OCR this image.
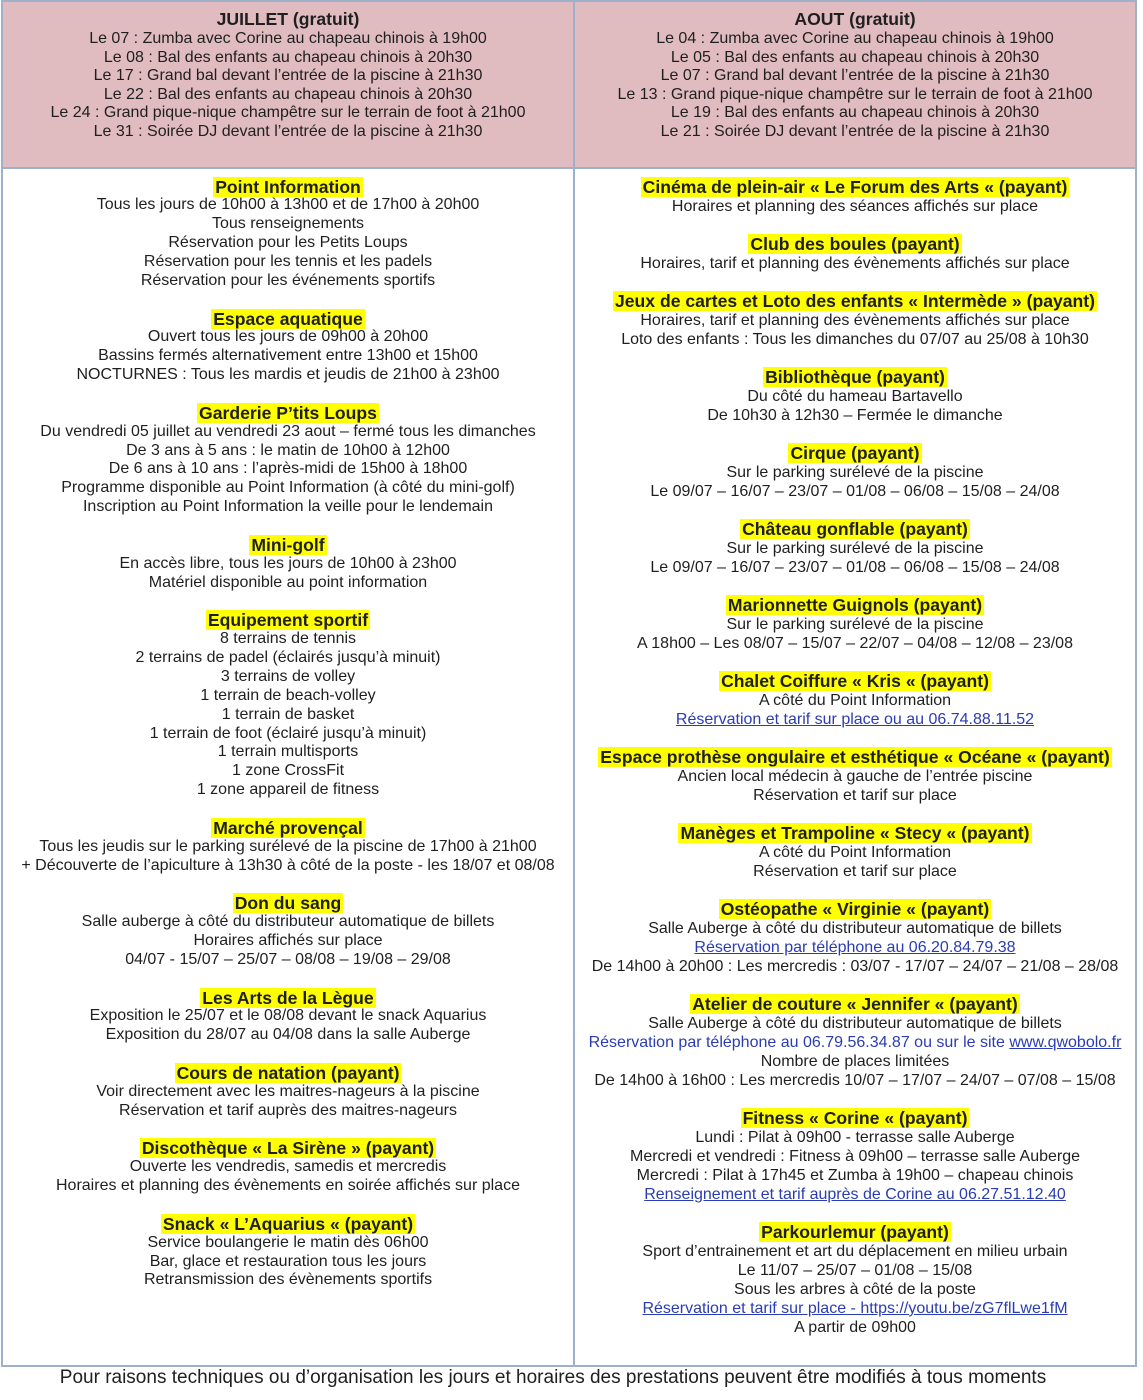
JUILLET (gratuit)
Le 07 : Zumba avec Corine au chapeau chinois à 19h00
Le 08 : Bal des enfants au chapeau chinois à 20h30
Le 17 : Grand bal devant l’entrée de la piscine à 21h30
Le 22 : Bal des enfants au chapeau chinois à 20h30
Le 24 : Grand pique-nique champêtre sur le terrain de foot à 21h00
Le 31 : Soirée DJ devant l’entrée de la piscine à 21h30
AOUT (gratuit)
Le 04 : Zumba avec Corine au chapeau chinois à 19h00
Le 05 : Bal des enfants au chapeau chinois à 20h30
Le 07 : Grand bal devant l’entrée de la piscine à 21h30
Le 13 : Grand pique-nique champêtre sur le terrain de foot à 21h00
Le 19 : Bal des enfants au chapeau chinois à 20h30
Le 21 : Soirée DJ devant l’entrée de la piscine à 21h30
Point Information
Tous les jours de 10h00 à 13h00 et de 17h00 à 20h00
Tous renseignements
Réservation pour les Petits Loups
Réservation pour les tennis et les padels
Réservation pour les événements sportifs
Espace aquatique
Ouvert tous les jours de 09h00 à 20h00
Bassins fermés alternativement entre 13h00 et 15h00
NOCTURNES : Tous les mardis et jeudis de 21h00 à 23h00
Garderie P’tits Loups
Du vendredi 05 juillet au vendredi 23 aout – fermé tous les dimanches
De 3 ans à 5 ans : le matin de 10h00 à 12h00
De 6 ans à 10 ans : l’après-midi de 15h00 à 18h00
Programme disponible au Point Information (à côté du mini-golf)
Inscription au Point Information la veille pour le lendemain
Mini-golf
En accès libre, tous les jours de 10h00 à 23h00
Matériel disponible au point information
Equipement sportif
8 terrains de tennis
2 terrains de padel (éclairés jusqu’à minuit)
3 terrains de volley
1 terrain de beach-volley
1 terrain de basket
1 terrain de foot (éclairé jusqu’à minuit)
1 terrain multisports
1 zone CrossFit
1 zone appareil de fitness
Marché provençal
Tous les jeudis sur le parking surélevé de la piscine de 17h00 à 21h00
+ Découverte de l’apiculture à 13h30 à côté de la poste - les 18/07 et 08/08
Don du sang
Salle auberge à côté du distributeur automatique de billets
Horaires affichés sur place
04/07 - 15/07 – 25/07 – 08/08 – 19/08 – 29/08
Les Arts de la Lègue
Exposition le 25/07 et le 08/08 devant le snack Aquarius
Exposition du 28/07 au 04/08 dans la salle Auberge
Cours de natation (payant)
Voir directement avec les maitres-nageurs à la piscine
Réservation et tarif auprès des maitres-nageurs
Discothèque « La Sirène » (payant)
Ouverte les vendredis, samedis et mercredis
Horaires et planning des évènements en soirée affichés sur place
Snack « L’Aquarius « (payant)
Service boulangerie le matin dès 06h00
Bar, glace et restauration tous les jours
Retransmission des évènements sportifs
Cinéma de plein-air « Le Forum des Arts « (payant)
Horaires et planning des séances affichés sur place
Club des boules (payant)
Horaires, tarif et planning des évènements affichés sur place
Jeux de cartes et Loto des enfants « Intermède » (payant)
Horaires, tarif et planning des évènements affichés sur place
Loto des enfants : Tous les dimanches du 07/07 au 25/08 à 10h30
Bibliothèque (payant)
Du côté du hameau Bartavello
De 10h30 à 12h30 – Fermée le dimanche
Cirque (payant)
Sur le parking surélevé de la piscine
Le 09/07 – 16/07 – 23/07 – 01/08 – 06/08 – 15/08 – 24/08
Château gonflable (payant)
Sur le parking surélevé de la piscine
Le 09/07 – 16/07 – 23/07 – 01/08 – 06/08 – 15/08 – 24/08
Marionnette Guignols (payant)
Sur le parking surélevé de la piscine
A 18h00 – Les 08/07 – 15/07 – 22/07 – 04/08 – 12/08 – 23/08
Chalet Coiffure « Kris « (payant)
A côté du Point Information
Réservation et tarif sur place ou au 06.74.88.11.52
Espace prothèse ongulaire et esthétique « Océane « (payant)
Ancien local médecin à gauche de l’entrée piscine
Réservation et tarif sur place
Manèges et Trampoline « Stecy « (payant)
A côté du Point Information
Réservation et tarif sur place
Ostéopathe « Virginie « (payant)
Salle Auberge à côté du distributeur automatique de billets
Réservation par téléphone au 06.20.84.79.38
De 14h00 à 20h00 : Les mercredis : 03/07 - 17/07 – 24/07 – 21/08 – 28/08
Atelier de couture « Jennifer « (payant)
Salle Auberge à côté du distributeur automatique de billets
Réservation par téléphone au 06.79.56.34.87 ou sur le site www.qwobolo.fr
Nombre de places limitées
De 14h00 à 16h00 : Les mercredis 10/07 – 17/07 – 24/07 – 07/08 – 15/08
Fitness « Corine « (payant)
Lundi : Pilat à 09h00 - terrasse salle Auberge
Mercredi et vendredi : Fitness à 09h00 – terrasse salle Auberge
Mercredi : Pilat à 17h45 et Zumba à 19h00 – chapeau chinois
Renseignement et tarif auprès de Corine au 06.27.51.12.40
Parkourlemur (payant)
Sport d’entrainement et art du déplacement en milieu urbain
Le 11/07 – 25/07 – 01/08 – 15/08
Sous les arbres à côté de la poste
Réservation et tarif sur place - https://youtu.be/zG7flLwe1fM
A partir de 09h00
Pour raisons techniques ou d’organisation les jours et horaires des prestations peuvent être modifiés à tous moments
